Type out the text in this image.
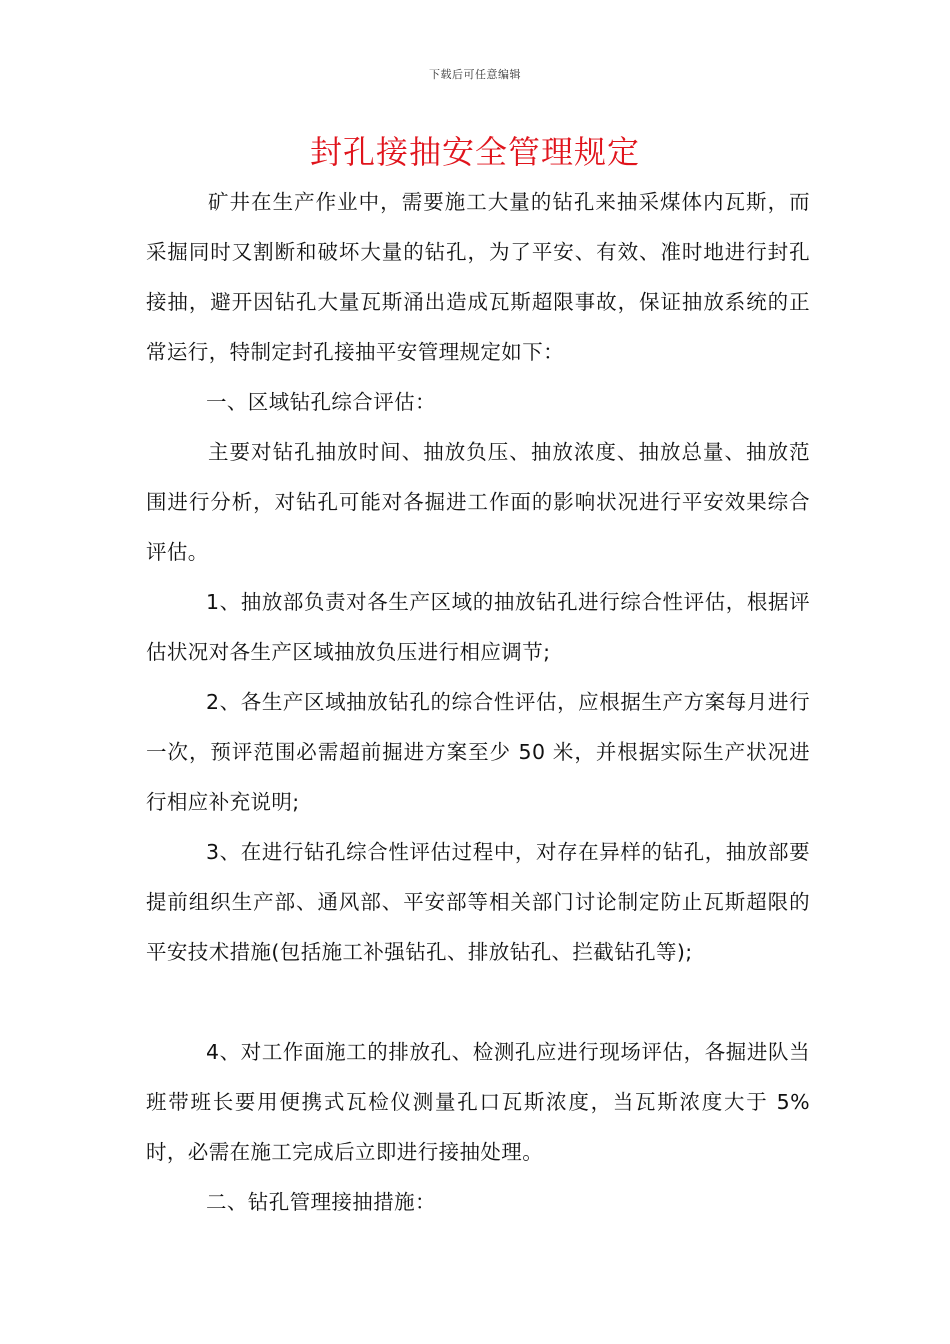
下载后可任意编辑
封孔接抽安全管理规定

矿井在生产作业中，需要施工大量的钻孔来抽采煤体内瓦斯，而采掘同时又割断和破坏大量的钻孔，为了平安、有效、准时地进行封孔接抽，避开因钻孔大量瓦斯涌出造成瓦斯超限事故，保证抽放系统的正常运行，特制定封孔接抽平安管理规定如下：

一、区域钻孔综合评估：

主要对钻孔抽放时间、抽放负压、抽放浓度、抽放总量、抽放范围进行分析，对钻孔可能对各掘进工作面的影响状况进行平安效果综合评估。

1、抽放部负责对各生产区域的抽放钻孔进行综合性评估，根据评估状况对各生产区域抽放负压进行相应调节;

2、各生产区域抽放钻孔的综合性评估，应根据生产方案每月进行一次，预评范围必需超前掘进方案至少 50 米，并根据实际生产状况进行相应补充说明;

3、在进行钻孔综合性评估过程中，对存在异样的钻孔，抽放部要提前组织生产部、通风部、平安部等相关部门讨论制定防止瓦斯超限的平安技术措施(包括施工补强钻孔、排放钻孔、拦截钻孔等);

4、对工作面施工的排放孔、检测孔应进行现场评估，各掘进队当班带班长要用便携式瓦检仪测量孔口瓦斯浓度，当瓦斯浓度大于 5%时，必需在施工完成后立即进行接抽处理。

二、钻孔管理接抽措施：
